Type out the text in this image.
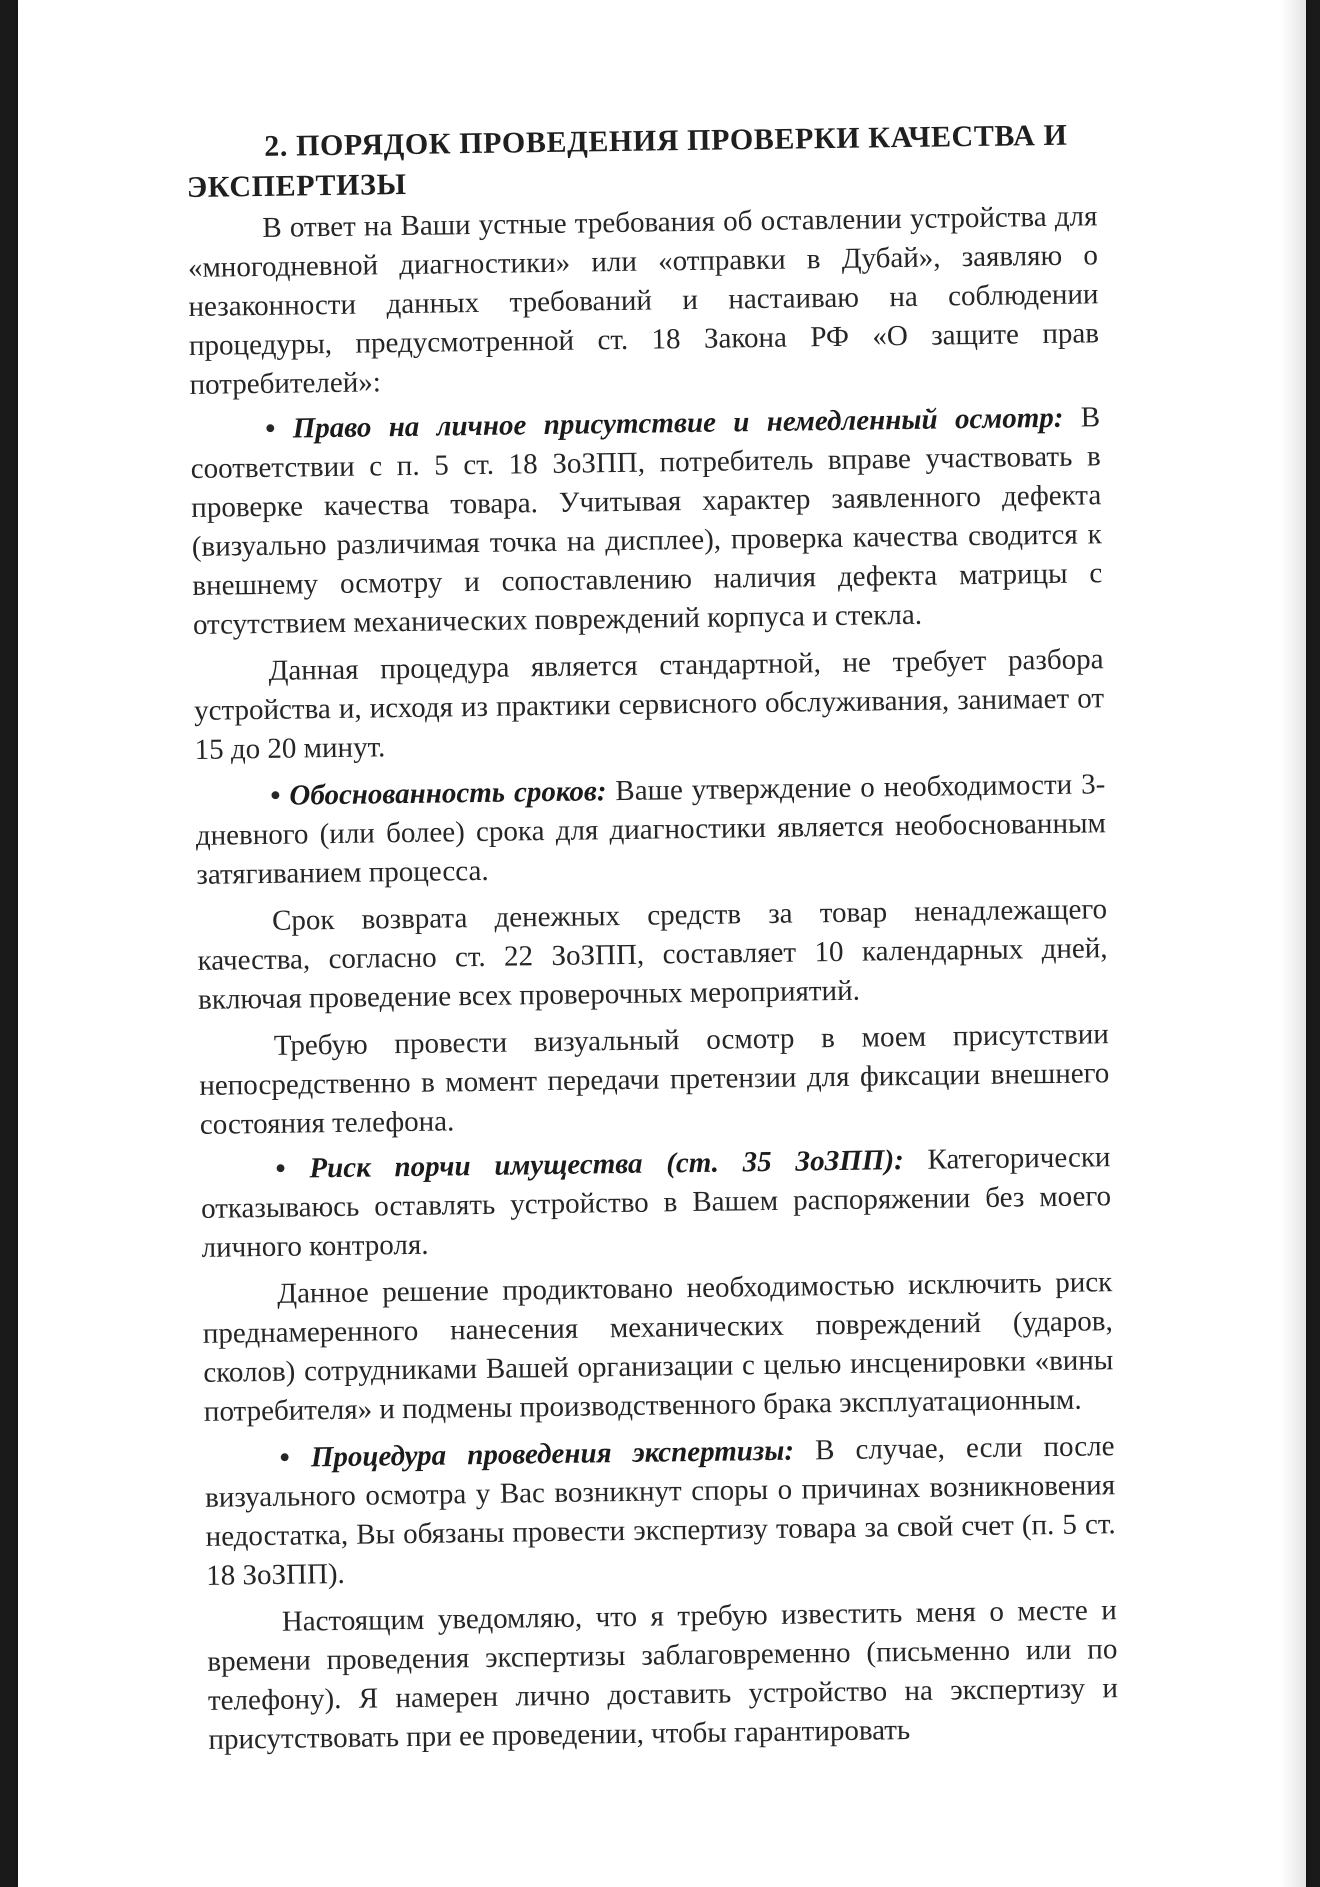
2. ПОРЯДОК ПРОВЕДЕНИЯ ПРОВЕРКИ КАЧЕСТВА И ЭКСПЕРТИЗЫ

В ответ на Ваши устные требования об оставлении устройства для «многодневной диагностики» или «отправки в Дубай», заявляю о незаконности данных требований и настаиваю на соблюдении процедуры, предусмотренной ст. 18 Закона РФ «О защите прав потребителей»:

• Право на личное присутствие и немедленный осмотр: В соответствии с п. 5 ст. 18 ЗоЗПП, потребитель вправе участвовать в проверке качества товара. Учитывая характер заявленного дефекта (визуально различимая точка на дисплее), проверка качества сводится к внешнему осмотру и сопоставлению наличия дефекта матрицы с отсутствием механических повреждений корпуса и стекла.

Данная процедура является стандартной, не требует разбора устройства и, исходя из практики сервисного обслуживания, занимает от 15 до 20 минут.

• Обоснованность сроков: Ваше утверждение о необходимости 3-дневного (или более) срока для диагностики является необоснованным затягиванием процесса.

Срок возврата денежных средств за товар ненадлежащего качества, согласно ст. 22 ЗоЗПП, составляет 10 календарных дней, включая проведение всех проверочных мероприятий.

Требую провести визуальный осмотр в моем присутствии непосредственно в момент передачи претензии для фиксации внешнего состояния телефона.

• Риск порчи имущества (ст. 35 ЗоЗПП): Категорически отказываюсь оставлять устройство в Вашем распоряжении без моего личного контроля.

Данное решение продиктовано необходимостью исключить риск преднамеренного нанесения механических повреждений (ударов, сколов) сотрудниками Вашей организации с целью инсценировки «вины потребителя» и подмены производственного брака эксплуатационным.

• Процедура проведения экспертизы: В случае, если после визуального осмотра у Вас возникнут споры о причинах возникновения недостатка, Вы обязаны провести экспертизу товара за свой счет (п. 5 ст. 18 ЗоЗПП).

Настоящим уведомляю, что я требую известить меня о месте и времени проведения экспертизы заблаговременно (письменно или по телефону). Я намерен лично доставить устройство на экспертизу и присутствовать при ее проведении, чтобы гарантировать
